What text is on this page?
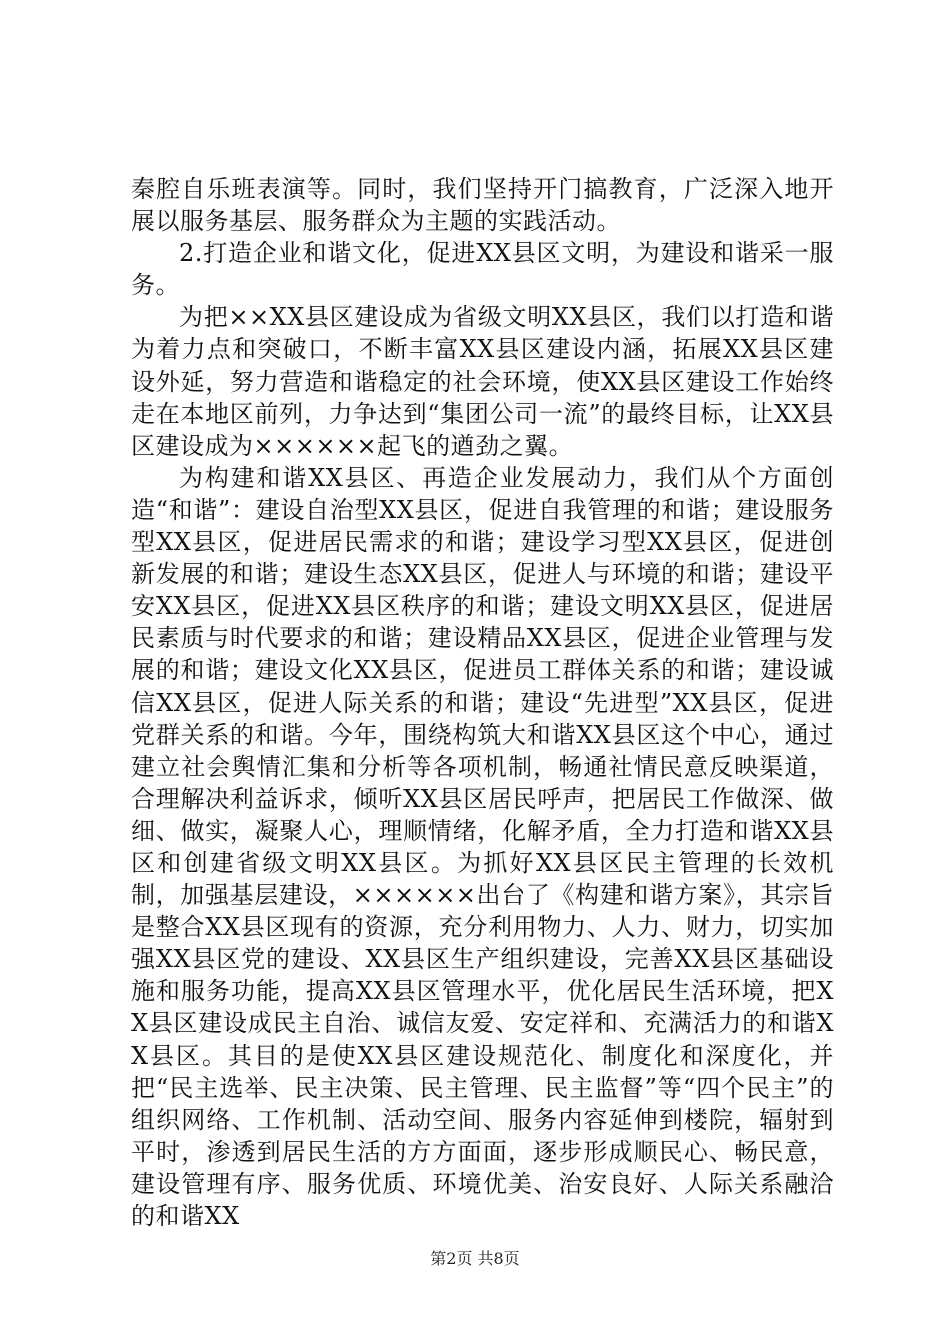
秦腔自乐班表演等。同时，我们坚持开门搞教育，广泛深入地开展以服务基层、服务群众为主题的实践活动。

2.打造企业和谐文化，促进XX县区文明，为建设和谐采一服务。

为把××XX县区建设成为省级文明XX县区，我们以打造和谐为着力点和突破口，不断丰富XX县区建设内涵，拓展XX县区建设外延，努力营造和谐稳定的社会环境，使XX县区建设工作始终走在本地区前列，力争达到“集团公司一流”的最终目标，让XX县区建设成为××××××起飞的遒劲之翼。

为构建和谐XX县区、再造企业发展动力，我们从个方面创造“和谐”：建设自治型XX县区，促进自我管理的和谐；建设服务型XX县区，促进居民需求的和谐；建设学习型XX县区，促进创新发展的和谐；建设生态XX县区，促进人与环境的和谐；建设平安XX县区，促进XX县区秩序的和谐；建设文明XX县区，促进居民素质与时代要求的和谐；建设精品XX县区，促进企业管理与发展的和谐；建设文化XX县区，促进员工群体关系的和谐；建设诚信XX县区，促进人际关系的和谐；建设“先进型”XX县区，促进党群关系的和谐。今年，围绕构筑大和谐XX县区这个中心，通过建立社会舆情汇集和分析等各项机制，畅通社情民意反映渠道，合理解决利益诉求，倾听XX县区居民呼声，把居民工作做深、做细、做实，凝聚人心，理顺情绪，化解矛盾，全力打造和谐XX县区和创建省级文明XX县区。为抓好XX县区民主管理的长效机制，加强基层建设，××××××出台了《构建和谐方案》，其宗旨是整合XX县区现有的资源，充分利用物力、人力、财力，切实加强XX县区党的建设、XX县区生产组织建设，完善XX县区基础设施和服务功能，提高XX县区管理水平，优化居民生活环境，把XX县区建设成民主自治、诚信友爱、安定祥和、充满活力的和谐XX县区。其目的是使XX县区建设规范化、制度化和深度化，并把“民主选举、民主决策、民主管理、民主监督”等“四个民主”的组织网络、工作机制、活动空间、服务内容延伸到楼院，辐射到平时，渗透到居民生活的方方面面，逐步形成顺民心、畅民意，建设管理有序、服务优质、环境优美、治安良好、人际关系融洽的和谐XX

第2页 共8页
